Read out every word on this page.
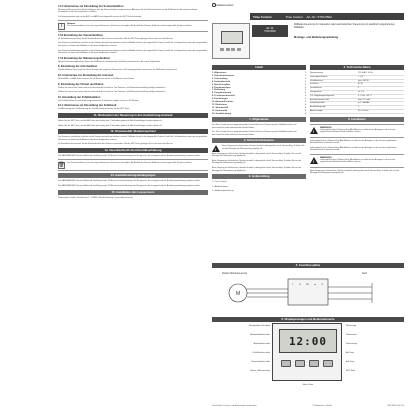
7.11 Untermenue zur Einstellung der Sonnenfunktion
Mit diesem Menue werden die Einstellungen fuer die Sonnenfunktion vorgenommen. Aktivieren Sie die Sonnenfunktion um die Rollladen bei Sonneneinstrahlung automatisch in die Sonnenposition zu fahren.
Die Sonnenposition wird mit der AUF- und AB-Taste eingestellt und mit der SET-Taste bestaetigt.
i	Hinweis
Die Sonnenfunktion ist nur mit angeschlossenem Lichtsensor verfuegbar. Bei Ausfall des Sensors bleibt die zuletzt eingestellte Position erhalten.
7.12 Einstellung der Sonnenfunktion
Im Einstellmenue koennen Sie die Empfindlichkeit des Sensors veraendern. Mit der SET-Taste gelangen Sie in das naechste Menue.
Die Sonnenschutzfunktion wird bei starker Sonneneinstrahlung aktiviert und der Rollladen faehrt in die eingestellte Position. Faellt die Lichtintensitaet unter den eingestellten Grenzwert, so faehrt der Rollladen in die obere Endposition zurueck.
Die Sonnenschutzfunktion wird bei starker Sonneneinstrahlung aktiviert und der Rollladen faehrt in die eingestellte Position. Faellt die Lichtintensitaet unter den eingestellten Grenzwert, so faehrt der Rollladen in die obere Endposition zurueck.
7.13 Einstellung der Dämmerungsfunktion
Mit der Daemmerungsfunktion fahren die Rollladen bei einsetzender Dunkelheit automatisch in die untere Endposition.
8. Einstellung der Astrofunktion
Die Astrofunktion berechnet fuer Ihren Standort die taeglichen Sonnenauf- und Untergangszeiten und steuert die Rollladen entsprechend.
8.1 Untermenue zur Einstellung der Astrozeit
Mit der AUF- und AB-Taste koennen Sie die Astrozeit um bis zu 60 Minuten verschieben.
9. Einstellung der Uhrzeit und Datum
Stellen Sie zuerst das Datum und anschliessend die Uhrzeit ein. Die Sommer- und Winterzeitumstellung erfolgt automatisch.
Stellen Sie zuerst das Datum und anschliessend die Uhrzeit ein. Die Sommer- und Winterzeitumstellung erfolgt automatisch.
10. Einstellung der Zufallsfunktion
Die Zufallsfunktion verschiebt die programmierten Schaltzeiten taeglich um bis zu 15 Minuten.
10.1 Untermenue zur Einstellung der Zufallszeit
Zur Aktivierung oder Deaktivierung der Zufallsfunktion druecken Sie die SET-Taste.
11. Rücksetzen der Steuerung in den Auslieferungszustand
Halten Sie die SET-Taste und die AB-Taste gleichzeitig fuer 5 Sekunden gedrueckt. Alle Einstellungen werden geloescht.
Halten Sie die SET-Taste und die AB-Taste gleichzeitig fuer 5 Sekunden gedrueckt. Alle Einstellungen werden geloescht.
12. Stromausfall / Batteriewechsel
Die Sonnenschutzfunktion wird bei starker Sonneneinstrahlung aktiviert und der Rollladen faehrt in die eingestellte Position. Faellt die Lichtintensitaet unter den eingestellten Grenzwert, so faehrt der Rollladen in die obere Endposition zurueck.
Im Einstellmenue koennen Sie die Empfindlichkeit des Sensors veraendern. Mit der SET-Taste gelangen Sie in das naechste Menue.
13. Vereinfachte EU-Konformitätserklärung
Die RADEMACHER Geraete-Elektronik GmbH gewaehrt 24 Monate Gewaehrleistung fuer Neugeraete, die entsprechend der Bedienungsanleitung montiert wurden.
🗑 Die Sonnenfunktion ist nur mit angeschlossenem Lichtsensor verfuegbar. Bei Ausfall des Sensors bleibt die zuletzt eingestellte Position erhalten.
14. Gewährleistungsbedingungen
Die RADEMACHER Geraete-Elektronik GmbH gewaehrt 24 Monate Gewaehrleistung fuer Neugeraete, die entsprechend der Bedienungsanleitung montiert wurden.
Die RADEMACHER Geraete-Elektronik GmbH gewaehrt 24 Monate Gewaehrleistung fuer Neugeraete, die entsprechend der Bedienungsanleitung montiert wurden.
15. Installation des Lesesensors
Rademacher GmbH - Buschkamp 7 - D-46414 Rhede/Germany - www.rademacher.de
Rademacher
Time Control	Time Control Art.-Nr.: 5700 0502
Art.-Nr.
5700 0502
Rollladensteuerung zur manuellen oder automatischen Steuerung von elektrisch angetriebenen Rollläden.
Montage- und Bedienungsanleitung
Inhalt
1. Allgemeines	1
2. Sicherheitshinweise	1
3. Lieferumfang	2
4. Geräteübersicht	2
5. Anschlusspläne	2
6. Displayanzeigen	3
7. Bedienung	3
8. Programmierung	4
8.1 Funktionsübersicht	4
9. Einstellungen	5
10. Automatik ein/aus	5
11. Rücksetzen	6
12. Stromausfall	6
13. Konformität	6
14. Gewährleistung	6
2. Technische Daten
Netzspannung	230 V/AC, 50 Hz
Leistungsaufnahme	< 1 W
Schaltleistung	max. 400 W
Schutzart	IP 20
Schutzklasse	II
Gangreserve	ca. 4 h
Zul. Umgebungstemperatur	0 °C bis +40 °C
Anschlussquerschnitt	max. 1,5 mm²
Schaltzeitpunkte	je 1 x Auf/Ab
Anzahl Ausgänge	1
Abmessungen	50 x 50 mm
1. Allgemeines
Die Time Control ist eine programmierbare Zeitschaltuhr zur Steuerung eines Rollladenmotors mit mechanischen oder elektronischen Endschaltern.
Die Time Control ist eine programmierbare Zeitschaltuhr zur Steuerung eines Rollladenmotors mit mechanischen oder elektronischen Endschaltern.
2. Sicherheitshinweise
!
Beim Umgang mit elektrischen Geräten besteht Lebensgefahr durch Stromschlag. Schalten Sie vor der Montage die Netzspannung allpolig ab.
Beim Umgang mit elektrischen Geräten besteht Lebensgefahr durch Stromschlag. Schalten Sie vor der Montage die Netzspannung allpolig ab.
Beim Umgang mit elektrischen Geräten besteht Lebensgefahr durch Stromschlag. Schalten Sie vor der Montage die Netzspannung allpolig ab.
Beim Umgang mit elektrischen Geräten besteht Lebensgefahr durch Stromschlag. Schalten Sie vor der Montage die Netzspannung allpolig ab.
3. Lieferumfang
1 x Time Control
1 x Abdeckrahmen
1 x Bedienungsanleitung
6. Installation
!
WARNUNG
Lebensgefahr durch Stromschlag! Alle Arbeiten an elektrischen Anlagen nur durch eine zugelassene Elektrofachkraft ausführen lassen.
Lebensgefahr durch Stromschlag! Alle Arbeiten an elektrischen Anlagen nur durch eine zugelassene Elektrofachkraft ausführen lassen.
Lebensgefahr durch Stromschlag! Alle Arbeiten an elektrischen Anlagen nur durch eine zugelassene Elektrofachkraft ausführen lassen.
!
WARNUNG
Lebensgefahr durch Stromschlag! Alle Arbeiten an elektrischen Anlagen nur durch eine zugelassene Elektrofachkraft ausführen lassen.
Beim Umgang mit elektrischen Geräten besteht Lebensgefahr durch Stromschlag. Schalten Sie vor der Montage die Netzspannung allpolig ab.
5. Anschlusspläne
Direkte Motorsteuerung	Netz
M
L	N PE ▲ ▼
6. Displayanzeigen und Bedienelemente
12:00
Ausgewählte Schaltzeit
Automatikbetrieb aktiv
Astrofunktion aktiv
Zufallsfunktion aktiv
Sonnenfunktion aktiv
Uhrzeit / Menüanzeige
Wochentag
Sommerzeit
Dämmerung
Ab-Taste
Auf-Taste
SET-Taste
Menü-Taste
Druckfehler, Irrtümer und Änderungen vorbehalten	© Rademacher GmbH	VBD 608-1 (01.16)
